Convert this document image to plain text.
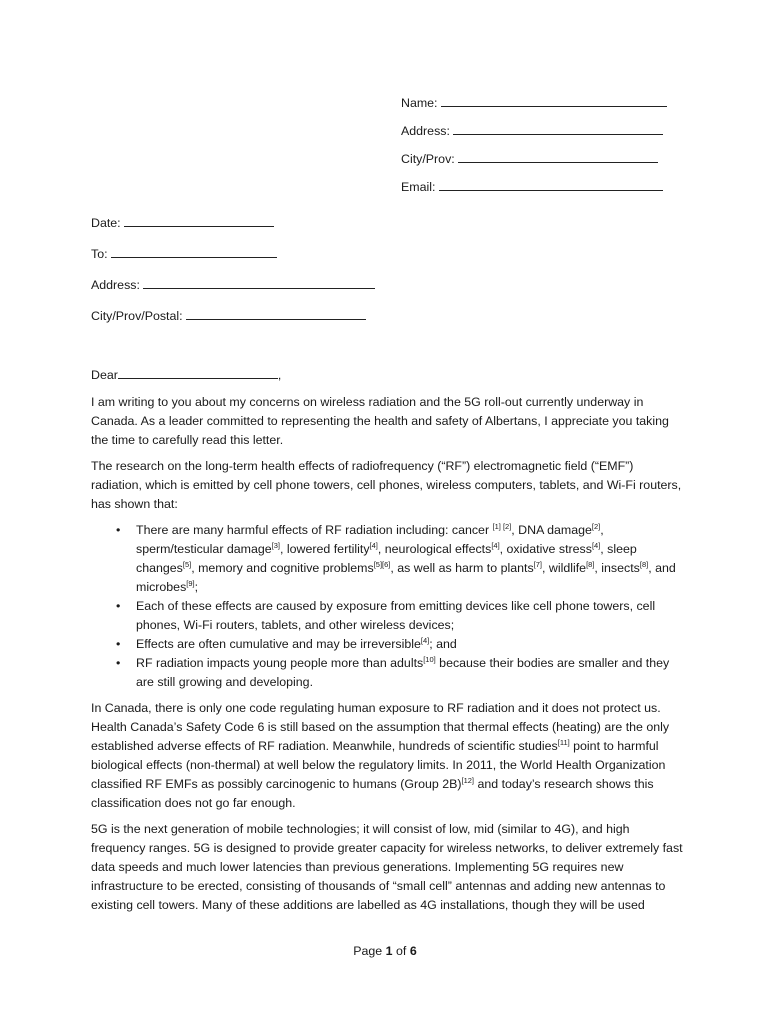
Name:
Address:
City/Prov:
Email:
Date:
To:
Address:
City/Prov/Postal:
Dear	,

I am writing to you about my concerns on wireless radiation and the 5G roll-out currently underway in Canada. As a leader committed to representing the health and safety of Albertans, I appreciate you taking the time to carefully read this letter.

The research on the long-term health effects of radiofrequency (“RF”) electromagnetic field (“EMF”) radiation, which is emitted by cell phone towers, cell phones, wireless computers, tablets, and Wi-Fi routers, has shown that:

• There are many harmful effects of RF radiation including: cancer [1] [2], DNA damage[2], sperm/testicular damage[3], lowered fertility[4], neurological effects[4], oxidative stress[4], sleep changes[5], memory and cognitive problems[5][6], as well as harm to plants[7], wildlife[8], insects[8], and microbes[9];
• Each of these effects are caused by exposure from emitting devices like cell phone towers, cell phones, Wi-Fi routers, tablets, and other wireless devices;
• Effects are often cumulative and may be irreversible[4]; and
• RF radiation impacts young people more than adults[10] because their bodies are smaller and they are still growing and developing.

In Canada, there is only one code regulating human exposure to RF radiation and it does not protect us. Health Canada’s Safety Code 6 is still based on the assumption that thermal effects (heating) are the only established adverse effects of RF radiation. Meanwhile, hundreds of scientific studies[11] point to harmful biological effects (non-thermal) at well below the regulatory limits. In 2011, the World Health Organization classified RF EMFs as possibly carcinogenic to humans (Group 2B)[12] and today’s research shows this classification does not go far enough.

5G is the next generation of mobile technologies; it will consist of low, mid (similar to 4G), and high frequency ranges. 5G is designed to provide greater capacity for wireless networks, to deliver extremely fast data speeds and much lower latencies than previous generations. Implementing 5G requires new infrastructure to be erected, consisting of thousands of “small cell” antennas and adding new antennas to existing cell towers. Many of these additions are labelled as 4G installations, though they will be used

Page 1 of 6
